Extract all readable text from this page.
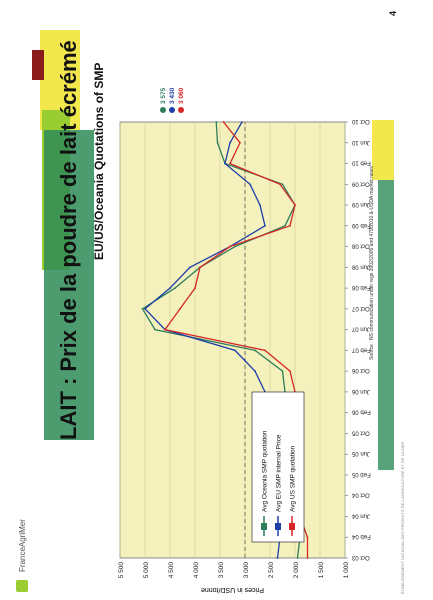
FranceAgriMer
LAIT : Prix de la poudre de lait écrémé EU/US/Oceania Quotations of SMP
1 000
1 500
2 000
2 500
3 000
3 500
4 000
4 500
5 000
5 500
Oct 03
Feb 04
Jun 04
Oct 04
Feb 05
Jun 05
Oct 05
Feb 06
Jun 06
Oct 06
Feb 07
Jun 07
Oct 07
Feb 08
Jun 08
Oct 08
Feb 09
Jun 09
Oct 09
Feb 10
Jun 10
Oct 10
Avg Oceania SMP quotation Avg EU SMP internal Price Avg US SMP quotation
3 575 3 430 3 060
Prices in USD/tonne
Source : NS communication under regs 3902/2005 and 479/2010 & USDA market news
4
ÉTABLISSEMENT NATIONAL DES PRODUITS DE L'AGRICULTURE ET DE LA MER
